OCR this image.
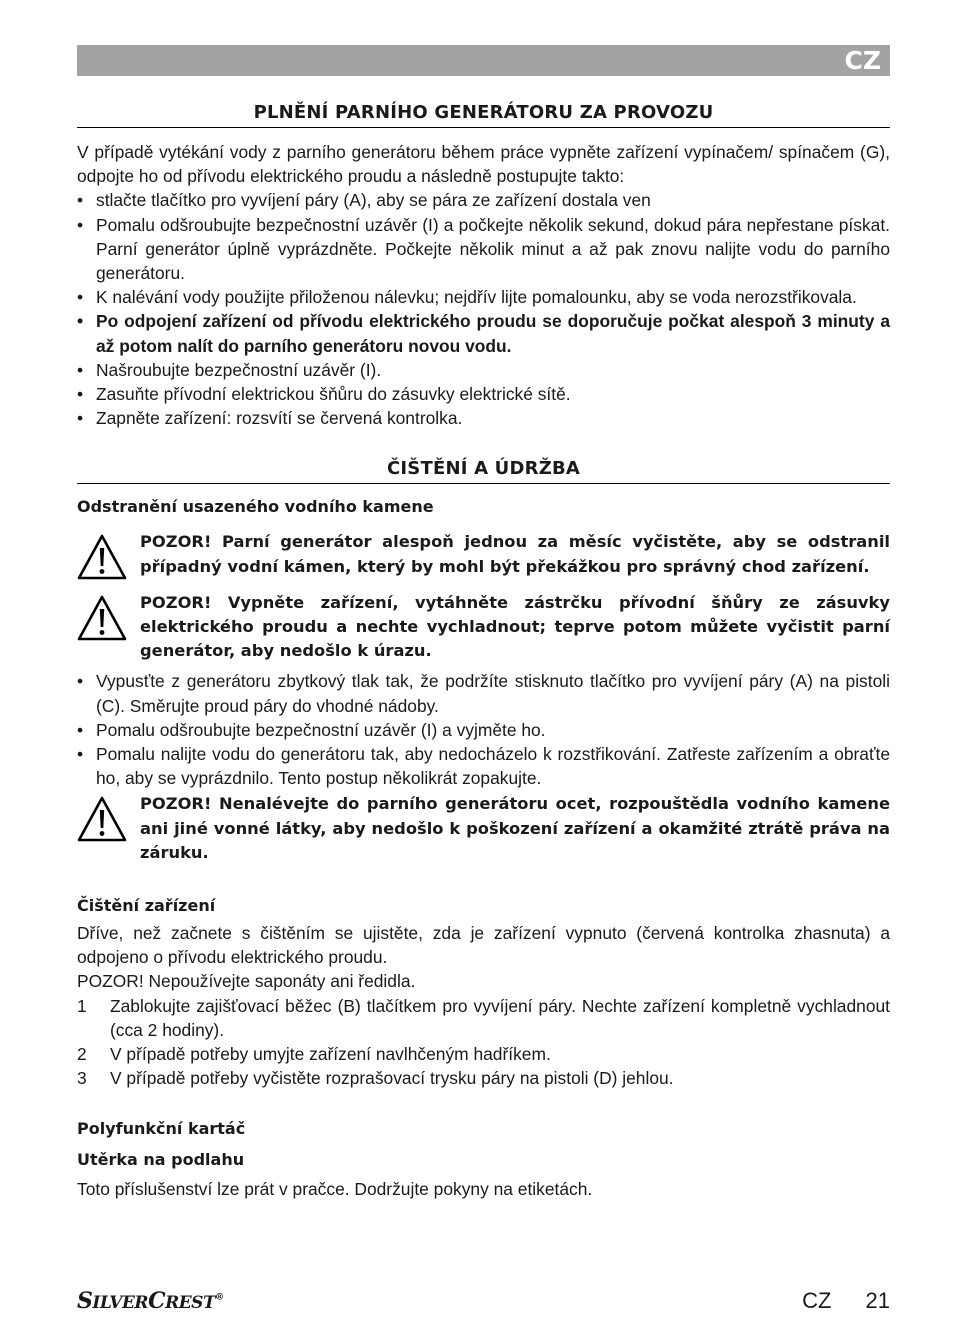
CZ
PLNĚNÍ PARNÍHO GENERÁTORU ZA PROVOZU

V případě vytékání vody z parního generátoru během práce vypněte zařízení vypínačem/ spínačem (G), odpojte ho od přívodu elektrického proudu a následně postupujte takto:

• stlačte tlačítko pro vyvíjení páry (A), aby se pára ze zařízení dostala ven
• Pomalu odšroubujte bezpečnostní uzávěr (I) a počkejte několik sekund, dokud pára nepřestane pískat. Parní generátor úplně vyprázdněte. Počkejte několik minut a až pak znovu nalijte vodu do parního generátoru.
• K nalévání vody použijte přiloženou nálevku; nejdřív lijte pomalounku, aby se voda nerozstřikovala.
• Po odpojení zařízení od přívodu elektrického proudu se doporučuje počkat alespoň 3 minuty a až potom nalít do parního generátoru novou vodu.
• Našroubujte bezpečnostní uzávěr (I).
• Zasuňte přívodní elektrickou šňůru do zásuvky elektrické sítě.
• Zapněte zařízení: rozsvítí se červená kontrolka.
ČIŠTĚNÍ A ÚDRŽBA
Odstranění usazeného vodního kamene
POZOR! Parní generátor alespoň jednou za měsíc vyčistěte, aby se odstranil případný vodní kámen, který by mohl být překážkou pro správný chod zařízení.
POZOR! Vypněte zařízení, vytáhněte zástrčku přívodní šňůry ze zásuvky elektrického proudu a nechte vychladnout; teprve potom můžete vyčistit parní generátor, aby nedošlo k úrazu.
• Vypusťte z generátoru zbytkový tlak tak, že podržíte stisknuto tlačítko pro vyvíjení páry (A) na pistoli (C). Směrujte proud páry do vhodné nádoby.
• Pomalu odšroubujte bezpečnostní uzávěr (I) a vyjměte ho.
• Pomalu nalijte vodu do generátoru tak, aby nedocházelo k rozstřikování. Zatřeste zařízením a obraťte ho, aby se vyprázdnilo. Tento postup několikrát zopakujte.
POZOR! Nenalévejte do parního generátoru ocet, rozpouštědla vodního kamene ani jiné vonné látky, aby nedošlo k poškození zařízení a okamžité ztrátě práva na záruku.
Čištění zařízení

Dříve, než začnete s čištěním se ujistěte, zda je zařízení vypnuto (červená kontrolka zhasnuta) a odpojeno o přívodu elektrického proudu.

POZOR! Nepoužívejte saponáty ani ředidla.

1 Zablokujte zajišťovací běžec (B) tlačítkem pro vyvíjení páry. Nechte zařízení kompletně vychladnout (cca 2 hodiny).
2 V případě potřeby umyjte zařízení navlhčeným hadříkem.
3 V případě potřeby vyčistěte rozprašovací trysku páry na pistoli (D) jehlou.
Polyfunkční kartáč
Utěrka na podlahu

Toto příslušenství lze prát v pračce. Dodržujte pokyny na etiketách.

SILVERCREST®	CZ 21
